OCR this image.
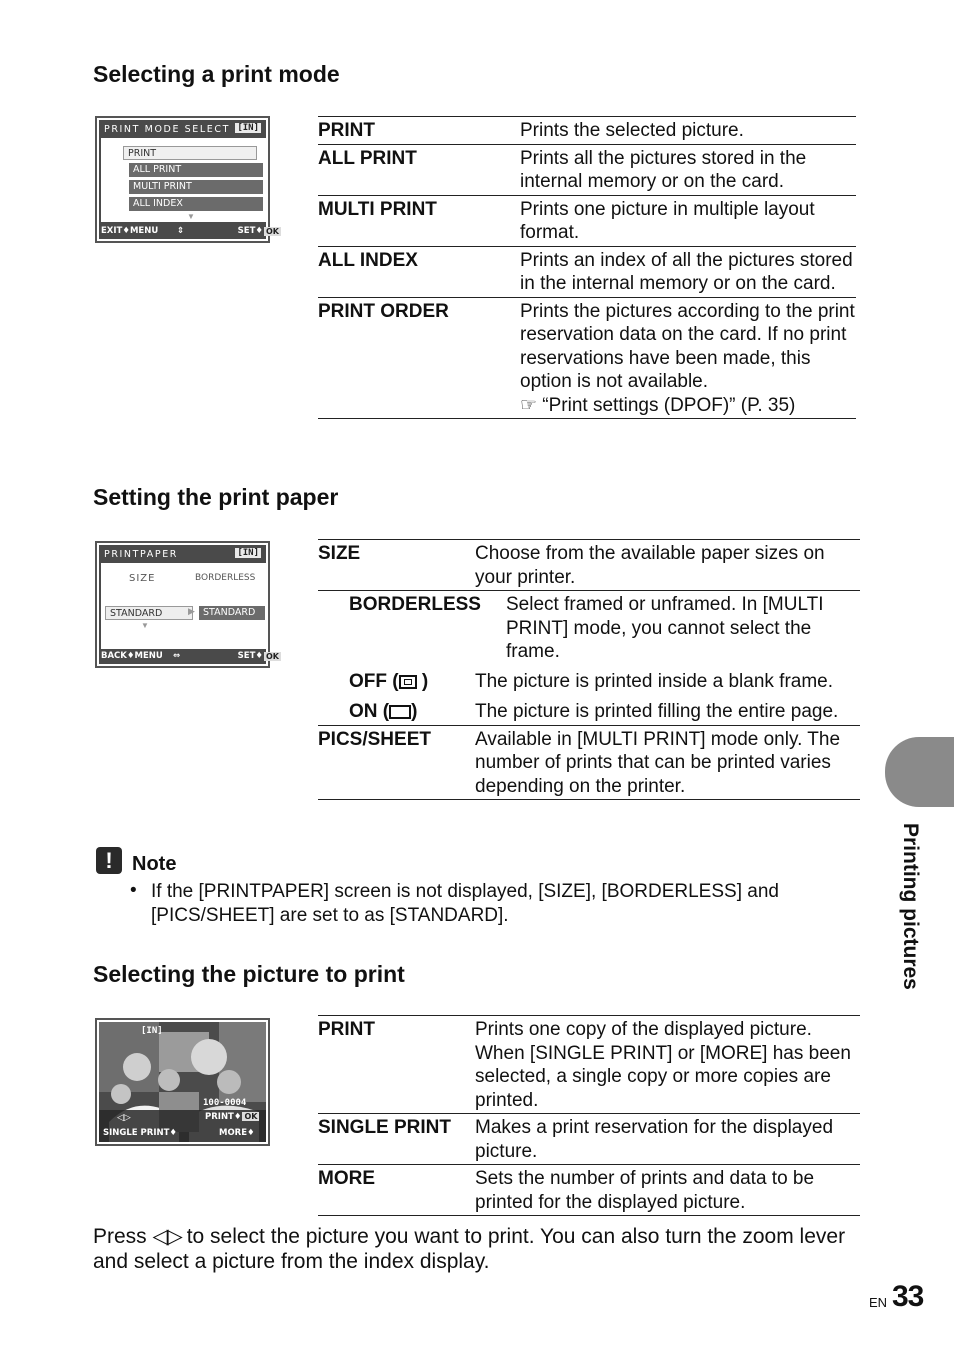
Selecting a print mode
PRINT MODE SELECT [IN]
PRINT
ALL PRINT
MULTI PRINT
ALL INDEX
▼
EXIT♦MENU ⇕	SET♦ OK
PRINT	Prints the selected picture.
ALL PRINT	Prints all the pictures stored in the internal memory or on the card.
MULTI PRINT	Prints one picture in multiple layout format.
ALL INDEX	Prints an index of all the pictures stored in the internal memory or on the card.
PRINT ORDER	Prints the pictures according to the print reservation data on the card. If no print reservations have been made, this option is not available.
☞ “Print settings (DPOF)” (P. 35)
Setting the print paper
PRINTPAPER	[IN]
SIZE	BORDERLESS
STANDARD	▶ STANDARD
▼
BACK♦MENU ⇔	SET♦ OK
SIZE	Choose from the available paper sizes on your printer.
BORDERLESS	Select framed or unframed. In [MULTI PRINT] mode, you cannot select the frame.
OFF ( )	The picture is printed inside a blank frame.
ON ( )	The picture is printed filling the entire page.
PICS/SHEET	Available in [MULTI PRINT] mode only. The number of prints that can be printed varies depending on the printer.
! Note
• If the [PRINTPAPER] screen is not displayed, [SIZE], [BORDERLESS] and [PICS/SHEET] are set to as [STANDARD].
Selecting the picture to print
[IN]
100-0004
◁▷	PRINT♦ OK
SINGLE PRINT♦	MORE♦
PRINT	Prints one copy of the displayed picture. When [SINGLE PRINT] or [MORE] has been selected, a single copy or more copies are printed.
SINGLE PRINT	Makes a print reservation for the displayed picture.
MORE	Sets the number of prints and data to be printed for the displayed picture.
Press ◁▷ to select the picture you want to print. You can also turn the zoom lever and select a picture from the index display.
Printing pictures
EN 33
